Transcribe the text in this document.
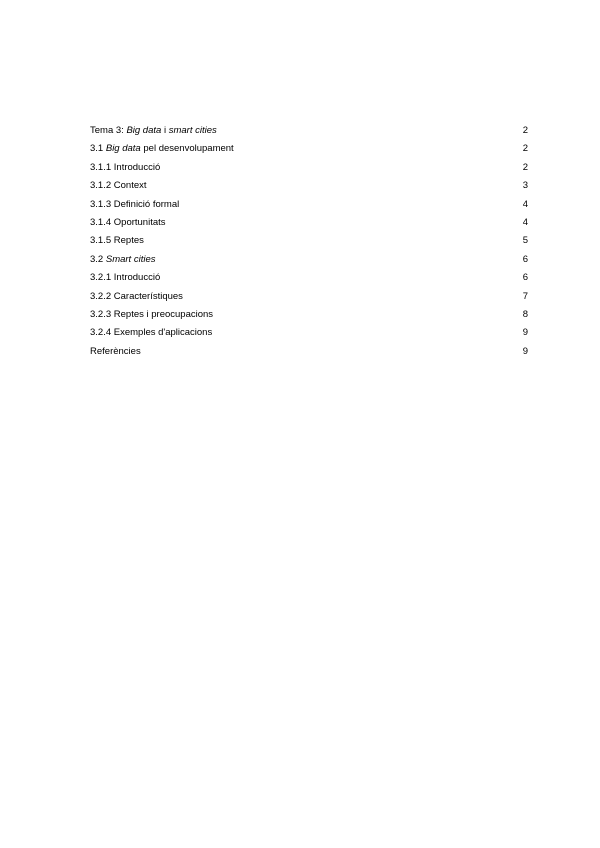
Tema 3: Big data i smart cities	2
3.1 Big data pel desenvolupament	2
3.1.1 Introducció	2
3.1.2 Context	3
3.1.3 Definició formal	4
3.1.4 Oportunitats	4
3.1.5 Reptes	5
3.2 Smart cities	6
3.2.1 Introducció	6
3.2.2 Característiques	7
3.2.3 Reptes i preocupacions	8
3.2.4 Exemples d'aplicacions	9
Referències	9
